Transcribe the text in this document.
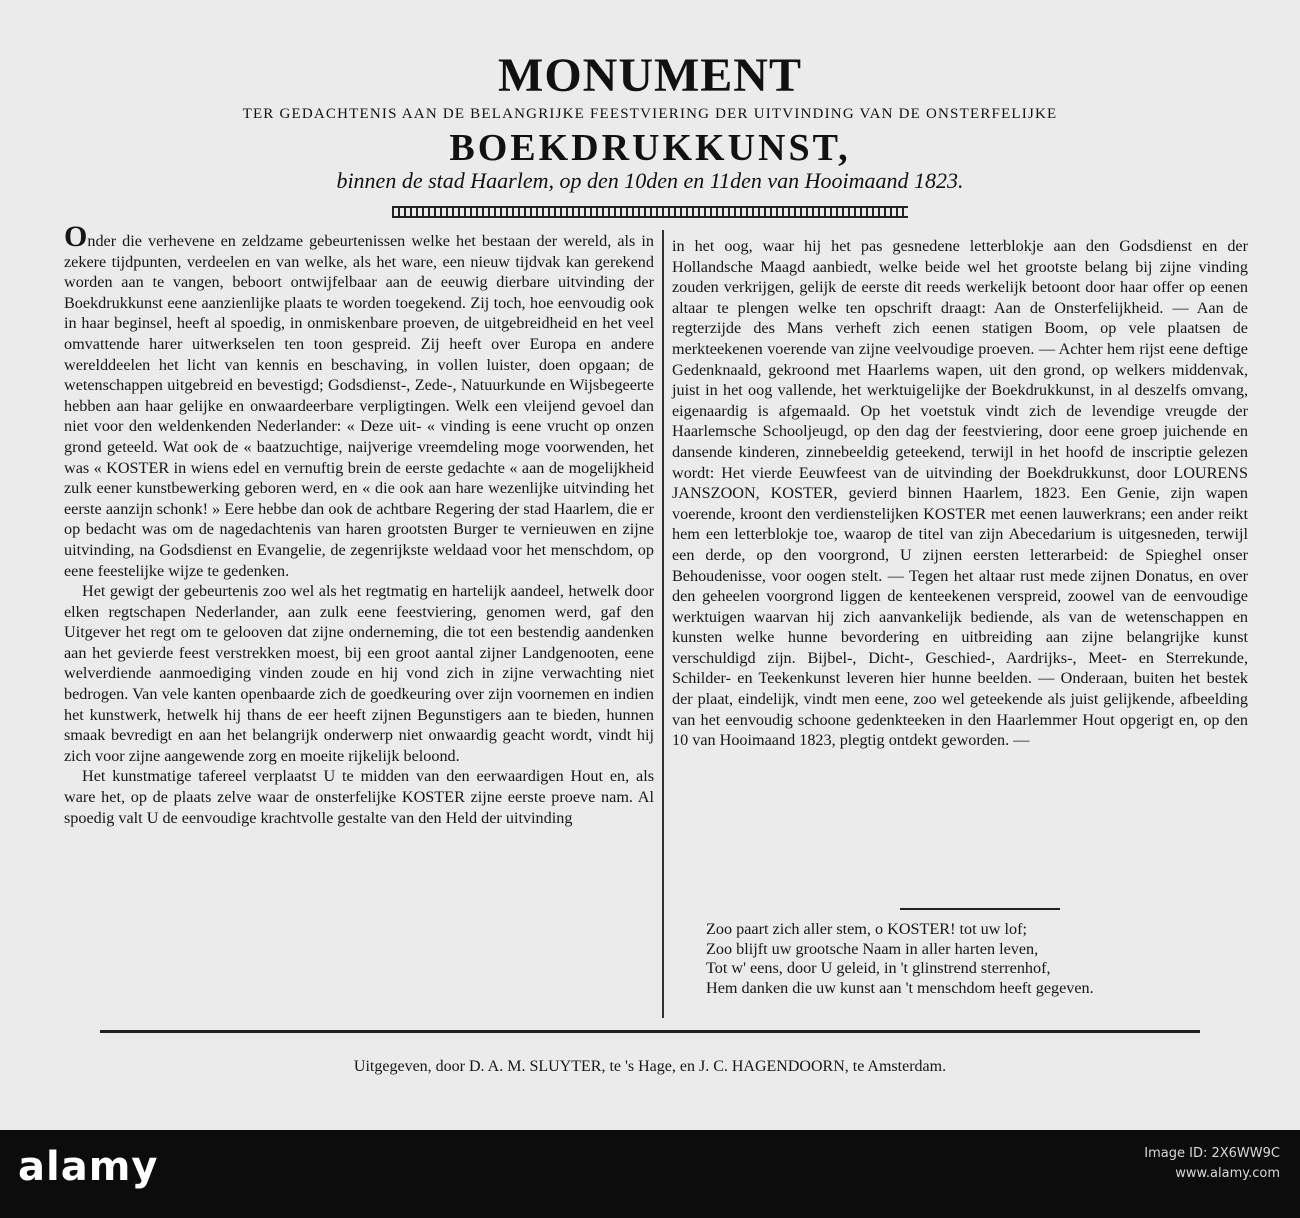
MONUMENT
TER GEDACHTENIS AAN DE BELANGRIJKE FEESTVIERING DER UITVINDING VAN DE ONSTERFELIJKE
BOEKDRUKKUNST,
binnen de stad Haarlem, op den 10den en 11den van Hooimaand 1823.

Onder die verhevene en zeldzame gebeurtenissen welke het bestaan der wereld, als in zekere tijdpunten, verdeelen en van welke, als het ware, een nieuw tijdvak kan gerekend worden aan te vangen, beboort ontwijfelbaar aan de eeuwig dierbare uitvinding der Boekdrukkunst eene aanzienlijke plaats te worden toegekend. Zij toch, hoe eenvoudig ook in haar beginsel, heeft al spoedig, in onmiskenbare proeven, de uitgebreidheid en het veel omvattende harer uitwerkselen ten toon gespreid. Zij heeft over Europa en andere werelddeelen het licht van kennis en beschaving, in vollen luister, doen opgaan; de wetenschappen uitgebreid en bevestigd; Godsdienst-, Zede-, Natuurkunde en Wijsbegeerte hebben aan haar gelijke en onwaardeerbare verpligtingen. Welk een vleijend gevoel dan niet voor den weldenkenden Nederlander: « Deze uit- « vinding is eene vrucht op onzen grond geteeld. Wat ook de « baatzuchtige, naijverige vreemdeling moge voorwenden, het was « KOSTER in wiens edel en vernuftig brein de eerste gedachte « aan de mogelijkheid zulk eener kunstbewerking geboren werd, en « die ook aan hare wezenlijke uitvinding het eerste aanzijn schonk! » Eere hebbe dan ook de achtbare Regering der stad Haarlem, die er op bedacht was om de nagedachtenis van haren grootsten Burger te vernieuwen en zijne uitvinding, na Godsdienst en Evangelie, de zegenrijkste weldaad voor het menschdom, op eene feestelijke wijze te gedenken.

Het gewigt der gebeurtenis zoo wel als het regtmatig en hartelijk aandeel, hetwelk door elken regtschapen Nederlander, aan zulk eene feestviering, genomen werd, gaf den Uitgever het regt om te gelooven dat zijne onderneming, die tot een bestendig aandenken aan het gevierde feest verstrekken moest, bij een groot aantal zijner Landgenooten, eene welverdiende aanmoediging vinden zoude en hij vond zich in zijne verwachting niet bedrogen. Van vele kanten openbaarde zich de goedkeuring over zijn voornemen en indien het kunstwerk, hetwelk hij thans de eer heeft zijnen Begunstigers aan te bieden, hunnen smaak bevredigt en aan het belangrijk onderwerp niet onwaardig geacht wordt, vindt hij zich voor zijne aangewende zorg en moeite rijkelijk beloond.

Het kunstmatige tafereel verplaatst U te midden van den eerwaardigen Hout en, als ware het, op de plaats zelve waar de onsterfelijke KOSTER zijne eerste proeve nam. Al spoedig valt U de eenvoudige krachtvolle gestalte van den Held der uitvinding

in het oog, waar hij het pas gesnedene letterblokje aan den Godsdienst en der Hollandsche Maagd aanbiedt, welke beide wel het grootste belang bij zijne vinding zouden verkrijgen, gelijk de eerste dit reeds werkelijk betoont door haar offer op eenen altaar te plengen welke ten opschrift draagt: Aan de Onsterfelijkheid. — Aan de regterzijde des Mans verheft zich eenen statigen Boom, op vele plaatsen de merkteekenen voerende van zijne veelvoudige proeven. — Achter hem rijst eene deftige Gedenknaald, gekroond met Haarlems wapen, uit den grond, op welkers middenvak, juist in het oog vallende, het werktuigelijke der Boekdrukkunst, in al deszelfs omvang, eigenaardig is afgemaald. Op het voetstuk vindt zich de levendige vreugde der Haarlemsche Schooljeugd, op den dag der feestviering, door eene groep juichende en dansende kinderen, zinnebeeldig geteekend, terwijl in het hoofd de inscriptie gelezen wordt: Het vierde Eeuwfeest van de uitvinding der Boekdrukkunst, door LOURENS JANSZOON, KOSTER, gevierd binnen Haarlem, 1823. Een Genie, zijn wapen voerende, kroont den verdienstelijken KOSTER met eenen lauwerkrans; een ander reikt hem een letterblokje toe, waarop de titel van zijn Abecedarium is uitgesneden, terwijl een derde, op den voorgrond, U zijnen eersten letterarbeid: de Spieghel onser Behoudenisse, voor oogen stelt. — Tegen het altaar rust mede zijnen Donatus, en over den geheelen voorgrond liggen de kenteekenen verspreid, zoowel van de eenvoudige werktuigen waarvan hij zich aanvankelijk bediende, als van de wetenschappen en kunsten welke hunne bevordering en uitbreiding aan zijne belangrijke kunst verschuldigd zijn. Bijbel-, Dicht-, Geschied-, Aardrijks-, Meet- en Sterrekunde, Schilder- en Teekenkunst leveren hier hunne beelden. — Onderaan, buiten het bestek der plaat, eindelijk, vindt men eene, zoo wel geteekende als juist gelijkende, afbeelding van het eenvoudig schoone gedenkteeken in den Haarlemmer Hout opgerigt en, op den 10 van Hooimaand 1823, plegtig ontdekt geworden. —

Zoo paart zich aller stem, o KOSTER! tot uw lof;
Zoo blijft uw grootsche Naam in aller harten leven,
Tot w' eens, door U geleid, in 't glinstrend sterrenhof,
Hem danken die uw kunst aan 't menschdom heeft gegeven.
Uitgegeven, door D. A. M. SLUYTER, te 's Hage, en J. C. HAGENDOORN, te Amsterdam.
alamy	Image ID: 2X6WW9C
www.alamy.com
